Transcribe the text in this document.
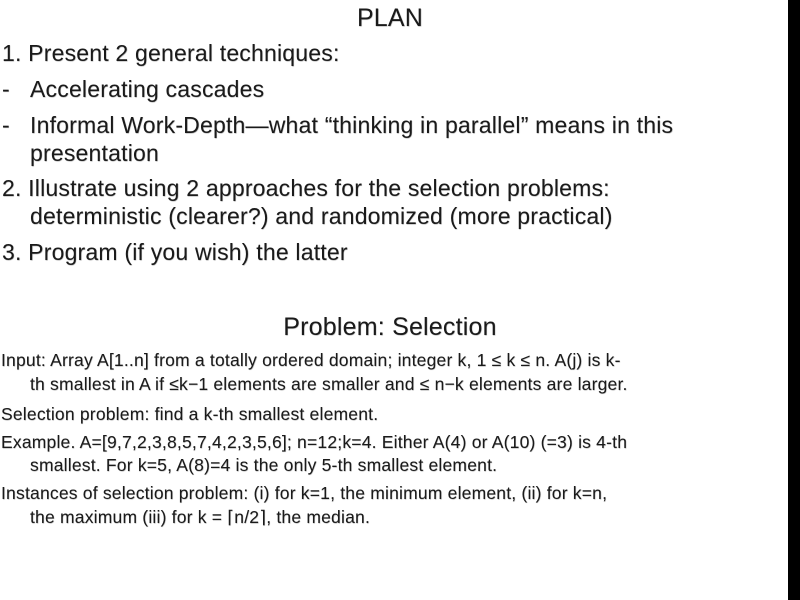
PLAN
1. Present 2 general techniques:
- Accelerating cascades
- Informal Work-Depth—what “thinking in parallel” means in this
presentation
2. Illustrate using 2 approaches for the selection problems:
deterministic (clearer?) and randomized (more practical)
3. Program (if you wish) the latter
Problem: Selection
Input: Array A[1..n] from a totally ordered domain; integer k, 1 ≤ k ≤ n. A(j) is k-
th smallest in A if ≤k−1 elements are smaller and ≤ n−k elements are larger.
Selection problem: find a k-th smallest element.
Example. A=[9,7,2,3,8,5,7,4,2,3,5,6]; n=12;k=4. Either A(4) or A(10) (=3) is 4-th
smallest. For k=5, A(8)=4 is the only 5-th smallest element.
Instances of selection problem: (i) for k=1, the minimum element, (ii) for k=n,
the maximum (iii) for k = ⌈n/2⌉, the median.
